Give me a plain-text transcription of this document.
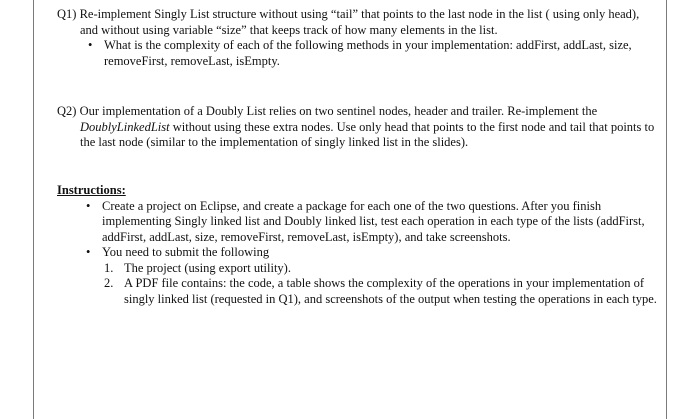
Q1) Re-implement Singly List structure without using “tail” that points to the last node in the list ( using only head), and without using variable “size” that keeps track of how many elements in the list.

• What is the complexity of each of the following methods in your implementation: addFirst, addLast, size, removeFirst, removeLast, isEmpty.

Q2) Our implementation of a Doubly List relies on two sentinel nodes, header and trailer. Re-implement the DoublyLinkedList without using these extra nodes. Use only head that points to the first node and tail that points to the last node (similar to the implementation of singly linked list in the slides).

Instructions:

• Create a project on Eclipse, and create a package for each one of the two questions. After you finish implementing Singly linked list and Doubly linked list, test each operation in each type of the lists (addFirst, addFirst, addLast, size, removeFirst, removeLast, isEmpty), and take screenshots.

• You need to submit the following

1. The project (using export utility).

2. A PDF file contains: the code, a table shows the complexity of the operations in your implementation of singly linked list (requested in Q1), and screenshots of the output when testing the operations in each type.
